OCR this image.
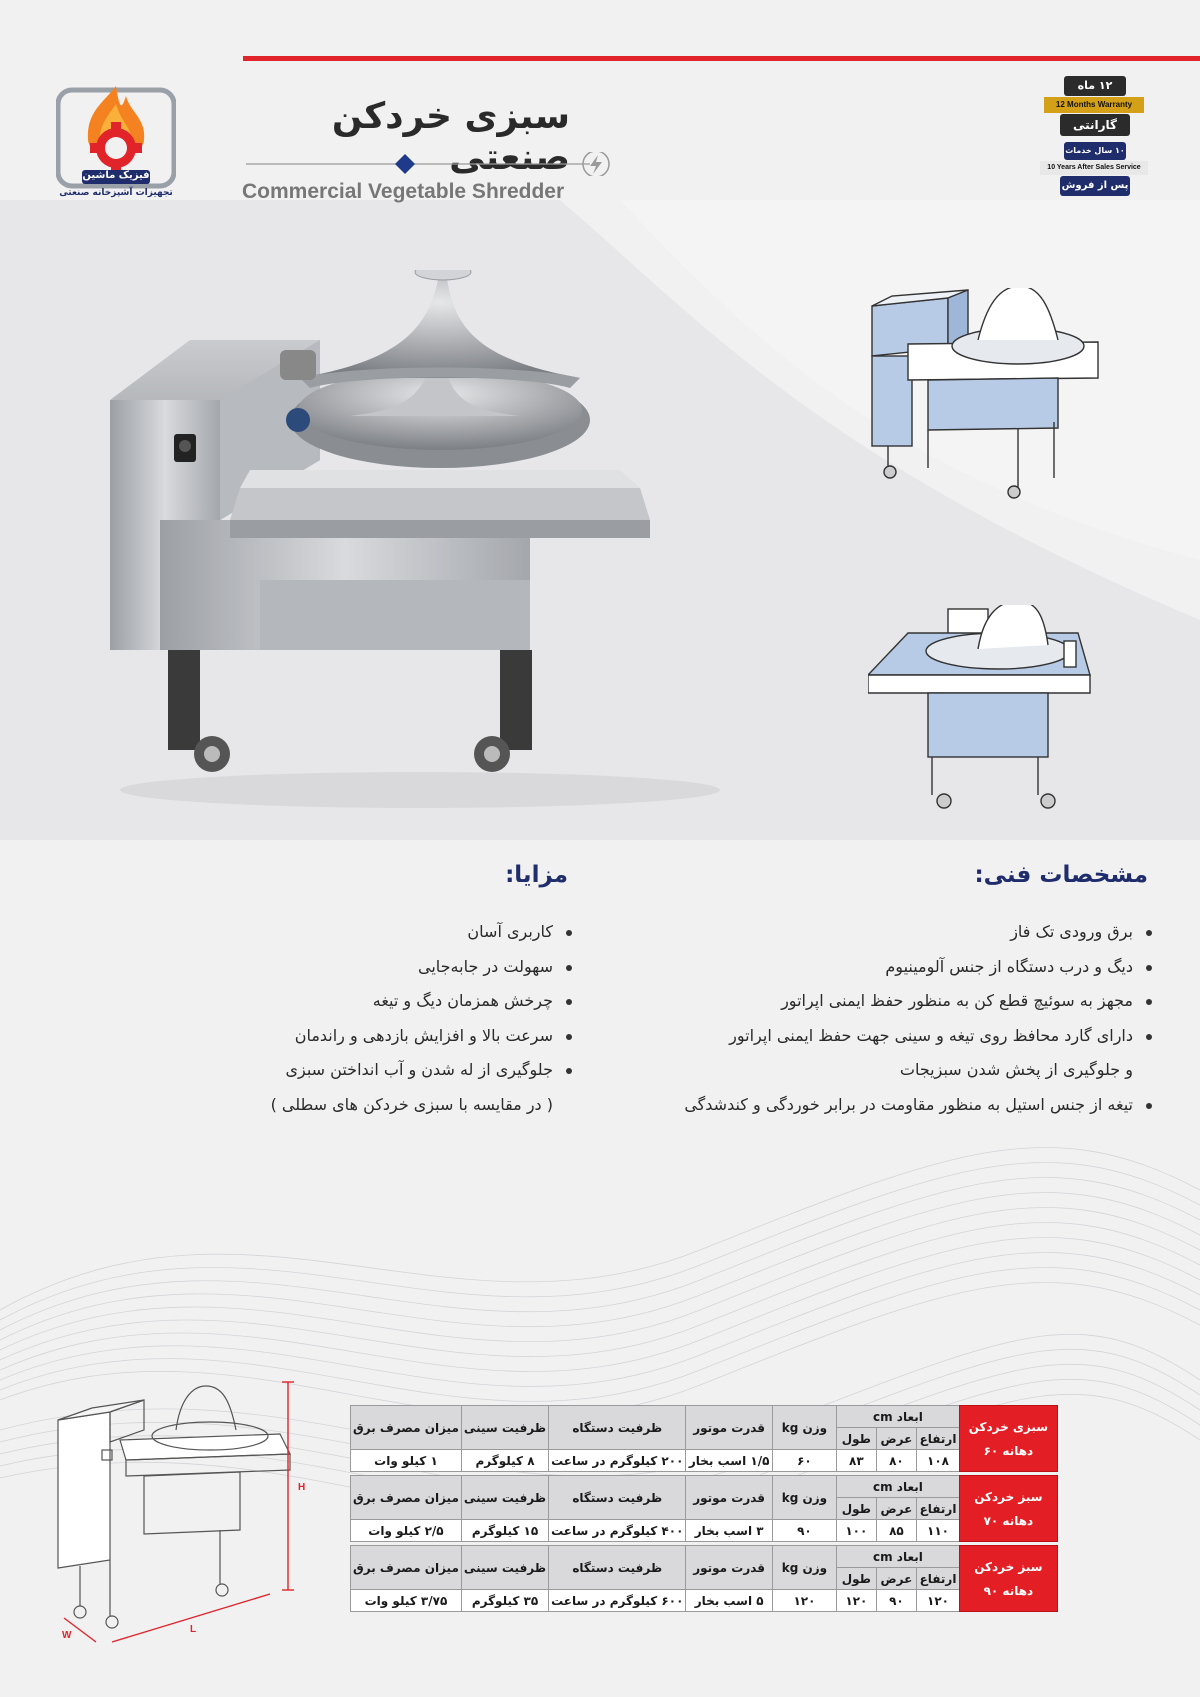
فیزیک ماشین
تجهیزات آشپزخانه صنعتی
سبزی خردکن صنعتی
Commercial Vegetable Shredder
۱۲ ماه
12 Months Warranty
گارانتی
۱۰ سال خدمات
10 Years After Sales Service
پس از فروش
مشخصات فنی:
برق ورودی تک فاز
دیگ و درب دستگاه از جنس آلومینیوم
مجهز به سوئیچ قطع کن به منظور حفظ ایمنی اپراتور
دارای گارد محافظ روی تیغه و سینی جهت حفظ ایمنی اپراتور
و جلوگیری از پخش شدن سبزیجات
تیغه از جنس استیل به منظور مقاومت در برابر خوردگی و کندشدگی
مزایا:
کاربری آسان
سهولت در جابه‌جایی
چرخش همزمان دیگ و تیغه
سرعت بالا و افزایش بازدهی و راندمان
جلوگیری از له شدن و آب انداختن سبزی
( در مقایسه با سبزی خردکن های سطلی )
H
W
L
سبزی خردکن
دهانه ۶۰	ابعاد cm			وزن kg	قدرت موتور	ظرفیت دستگاه	ظرفیت سینی	میزان مصرف برق
	ارتفاع	عرض	طول					
	۱۰۸	۸۰	۸۳	۶۰	۱/۵ اسب بخار	۲۰۰ کیلوگرم در ساعت	۸ کیلوگرم	۱ کیلو وات

سبز خردکن
دهانه ۷۰	ابعاد cm			وزن kg	قدرت موتور	ظرفیت دستگاه	ظرفیت سینی	میزان مصرف برق
	ارتفاع	عرض	طول					
	۱۱۰	۸۵	۱۰۰	۹۰	۳ اسب بخار	۴۰۰ کیلوگرم در ساعت	۱۵ کیلوگرم	۲/۵ کیلو وات

سبز خردکن
دهانه ۹۰	ابعاد cm			وزن kg	قدرت موتور	ظرفیت دستگاه	ظرفیت سینی	میزان مصرف برق
	ارتفاع	عرض	طول					
	۱۲۰	۹۰	۱۲۰	۱۲۰	۵ اسب بخار	۶۰۰ کیلوگرم در ساعت	۳۵ کیلوگرم	۳/۷۵ کیلو وات
